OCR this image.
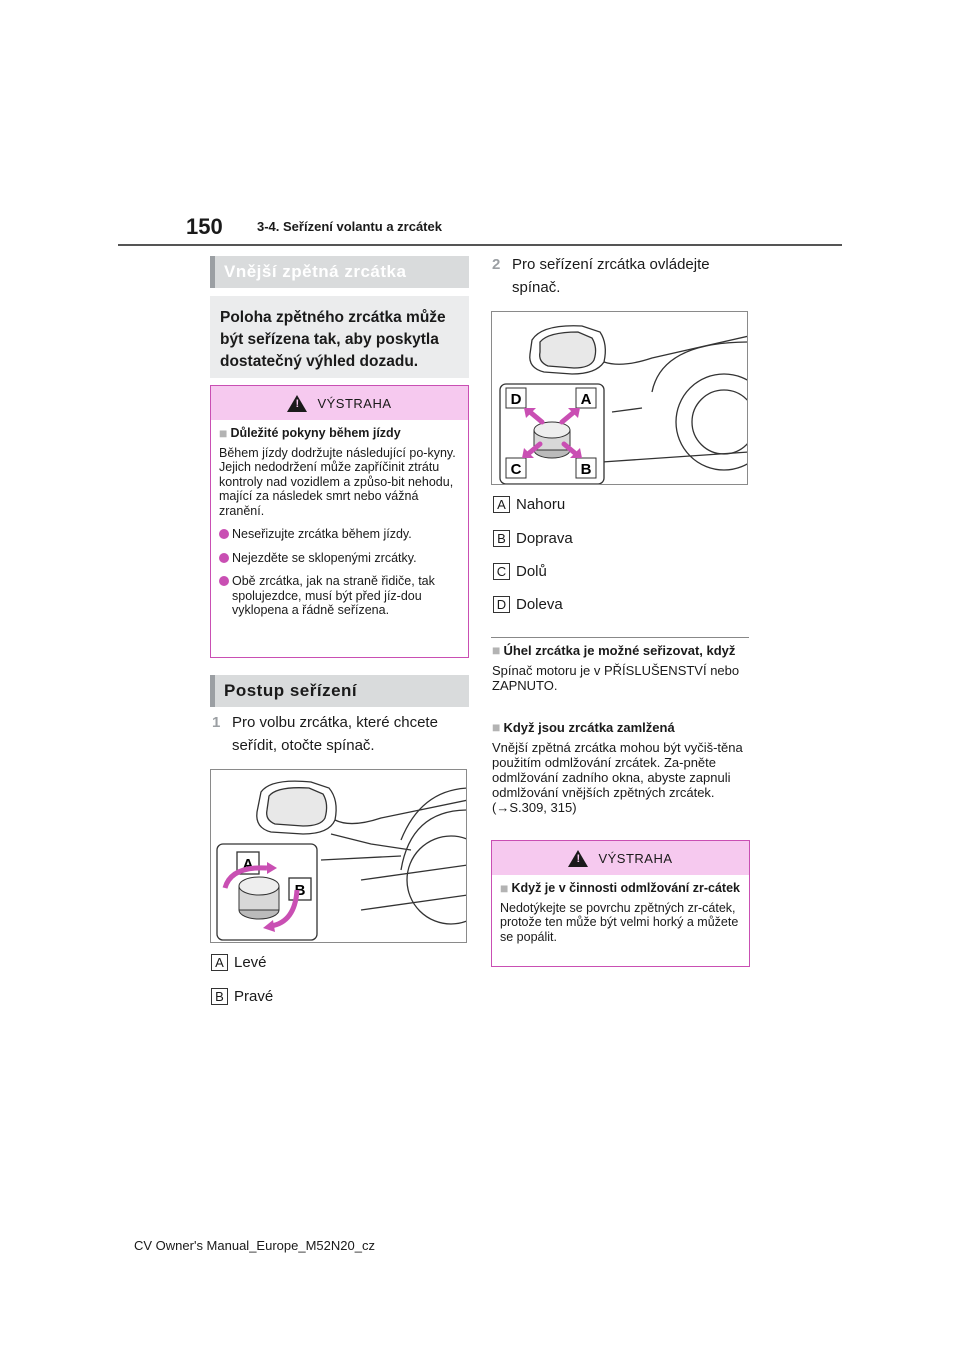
150	3-4. Seřízení volantu a zrcátek
Vnější zpětná zrcátka
Poloha zpětného zrcátka může být seřízena tak, aby poskytla dostatečný výhled dozadu.
! VÝSTRAHA
■ Důležité pokyny během jízdy
Během jízdy dodržujte následující po-kyny. Jejich nedodržení může zapříčinit ztrátu kontroly nad vozidlem a způso-bit nehodu, mající za následek smrt nebo vážná zranění.
Neseřizujte zrcátka během jízdy.
Nejezděte se sklopenými zrcátky.
Obě zrcátka, jak na straně řidiče, tak spolujezdce, musí být před jíz-dou vyklopena a řádně seřízena.
Postup seřízení
1 Pro volbu zrcátka, které chcete seřídit, otočte spínač.
A
B
A Levé
B Pravé
2 Pro seřízení zrcátka ovládejte spínač.
D	A
C	B
A Nahoru
B Doprava
C Dolů
D Doleva
■ Úhel zrcátka je možné seřizovat, když
Spínač motoru je v PŘÍSLUŠENSTVÍ nebo ZAPNUTO.
■ Když jsou zrcátka zamlžená
Vnější zpětná zrcátka mohou být vyčiš-těna použitím odmlžování zrcátek. Za-pněte odmlžování zadního okna, abyste zapnuli odmlžování vnějších zpětných zrcátek. (→S.309, 315)
! VÝSTRAHA
■ Když je v činnosti odmlžování zr-cátek
Nedotýkejte se povrchu zpětných zr-cátek, protože ten může být velmi horký a můžete se popálit.
CV Owner's Manual_Europe_M52N20_cz
